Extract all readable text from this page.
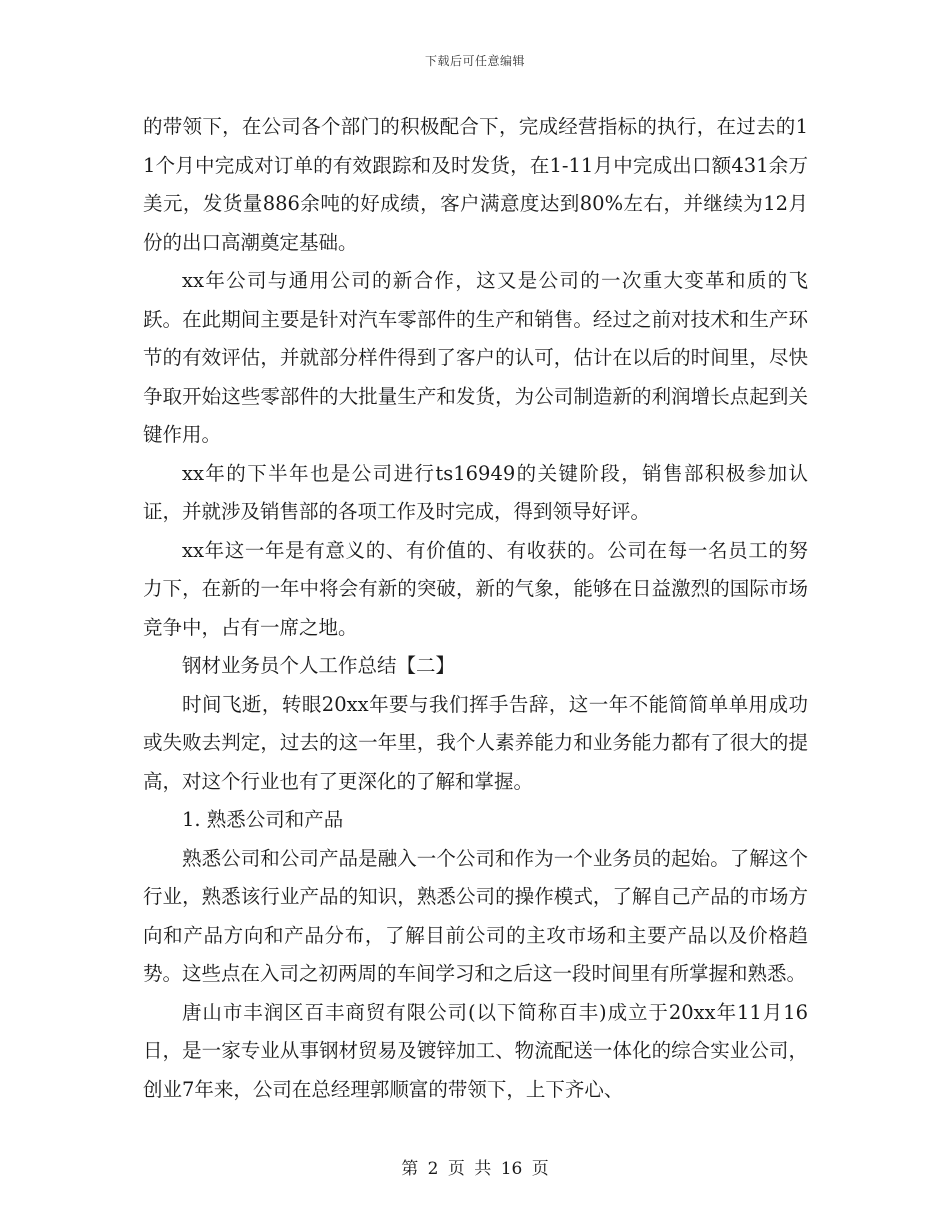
下载后可任意编辑

的带领下，在公司各个部门的积极配合下，完成经营指标的执行，在过去的11个月中完成对订单的有效跟踪和及时发货，在1-11月中完成出口额431余万美元，发货量886余吨的好成绩，客户满意度达到80%左右，并继续为12月份的出口高潮奠定基础。

xx年公司与通用公司的新合作，这又是公司的一次重大变革和质的飞跃。在此期间主要是针对汽车零部件的生产和销售。经过之前对技术和生产环节的有效评估，并就部分样件得到了客户的认可，估计在以后的时间里，尽快争取开始这些零部件的大批量生产和发货，为公司制造新的利润增长点起到关键作用。

xx年的下半年也是公司进行ts16949的关键阶段，销售部积极参加认证，并就涉及销售部的各项工作及时完成，得到领导好评。

xx年这一年是有意义的、有价值的、有收获的。公司在每一名员工的努力下，在新的一年中将会有新的突破，新的气象，能够在日益激烈的国际市场竞争中，占有一席之地。

钢材业务员个人工作总结【二】

时间飞逝，转眼20xx年要与我们挥手告辞，这一年不能简简单单用成功或失败去判定，过去的这一年里，我个人素养能力和业务能力都有了很大的提高，对这个行业也有了更深化的了解和掌握。

1. 熟悉公司和产品

熟悉公司和公司产品是融入一个公司和作为一个业务员的起始。了解这个行业，熟悉该行业产品的知识，熟悉公司的操作模式，了解自己产品的市场方向和产品方向和产品分布，了解目前公司的主攻市场和主要产品以及价格趋势。这些点在入司之初两周的车间学习和之后这一段时间里有所掌握和熟悉。

唐山市丰润区百丰商贸有限公司(以下简称百丰)成立于20xx年11月16日，是一家专业从事钢材贸易及镀锌加工、物流配送一体化的综合实业公司，创业7年来，公司在总经理郭顺富的带领下，上下齐心、

第 2 页 共 16 页
